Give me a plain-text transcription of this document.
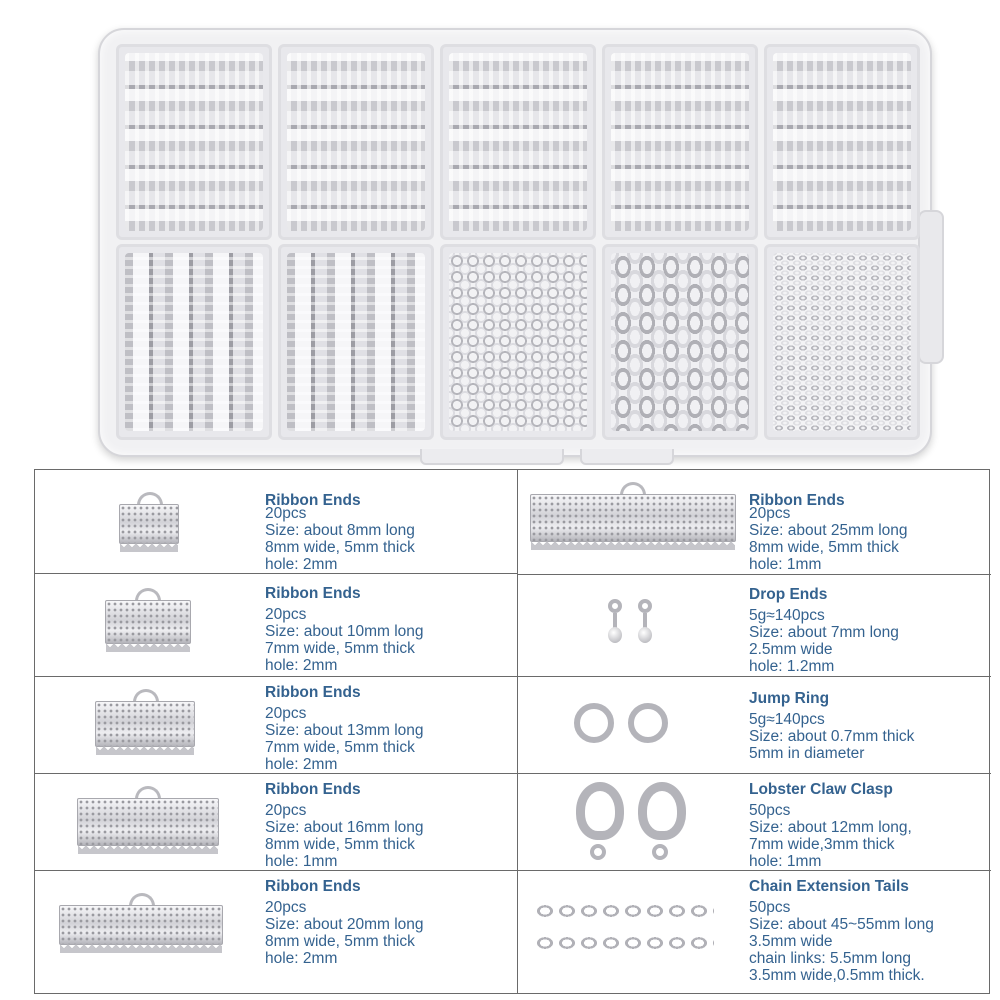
Ribbon Ends
20pcs
Size: about 8mm long
8mm wide, 5mm thick
hole: 2mm
Ribbon Ends
20pcs
Size: about 10mm long
7mm wide, 5mm thick
hole: 2mm
Ribbon Ends
20pcs
Size: about 13mm long
7mm wide, 5mm thick
hole: 2mm
Ribbon Ends
20pcs
Size: about 16mm long
8mm wide, 5mm thick
hole: 1mm
Ribbon Ends
20pcs
Size: about 20mm long
8mm wide, 5mm thick
hole: 2mm
Ribbon Ends
20pcs
Size: about 25mm long
8mm wide, 5mm thick
hole: 1mm
Drop Ends
5g≈140pcs
Size: about 7mm long
2.5mm wide
hole: 1.2mm
Jump Ring
5g≈140pcs
Size: about 0.7mm thick
5mm in diameter
Lobster Claw Clasp
50pcs
Size: about 12mm long,
7mm wide,3mm thick
hole: 1mm
Chain Extension Tails
50pcs
Size: about 45~55mm long
3.5mm wide
chain links: 5.5mm long
3.5mm wide,0.5mm thick.
